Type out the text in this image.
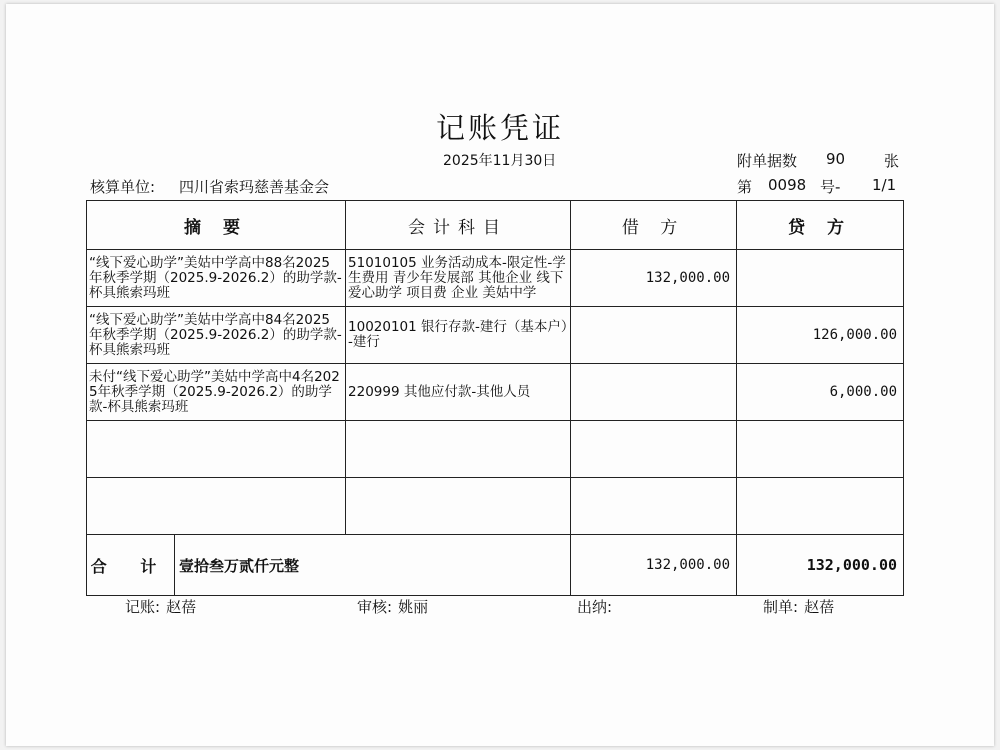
记账凭证
2025年11月30日	附单据数 90	张
核算单位: 四川省索玛慈善基金会	第 0098 号- 1/1
摘 要		会计科目	借 方	贷 方
“线下爱心助学”美姑中学高中88名2025年秋季学期（2025.9-2026.2）的助学款-杯具熊索玛班		51010105 业务活动成本-限定性-学生费用 青少年发展部 其他企业 线下爱心助学 项目费 企业 美姑中学	132,000.00	
“线下爱心助学”美姑中学高中84名2025年秋季学期（2025.9-2026.2）的助学款-杯具熊索玛班		10020101 银行存款-建行（基本户）-建行		126,000.00
未付“线下爱心助学”美姑中学高中4名2025年秋季学期（2025.9-2026.2）的助学款-杯具熊索玛班		220999 其他应付款-其他人员		6,000.00

合 计	壹拾叁万贰仟元整		132,000.00	132,000.00
记账: 赵蓓	审核: 姚丽	出纳:	制单: 赵蓓
